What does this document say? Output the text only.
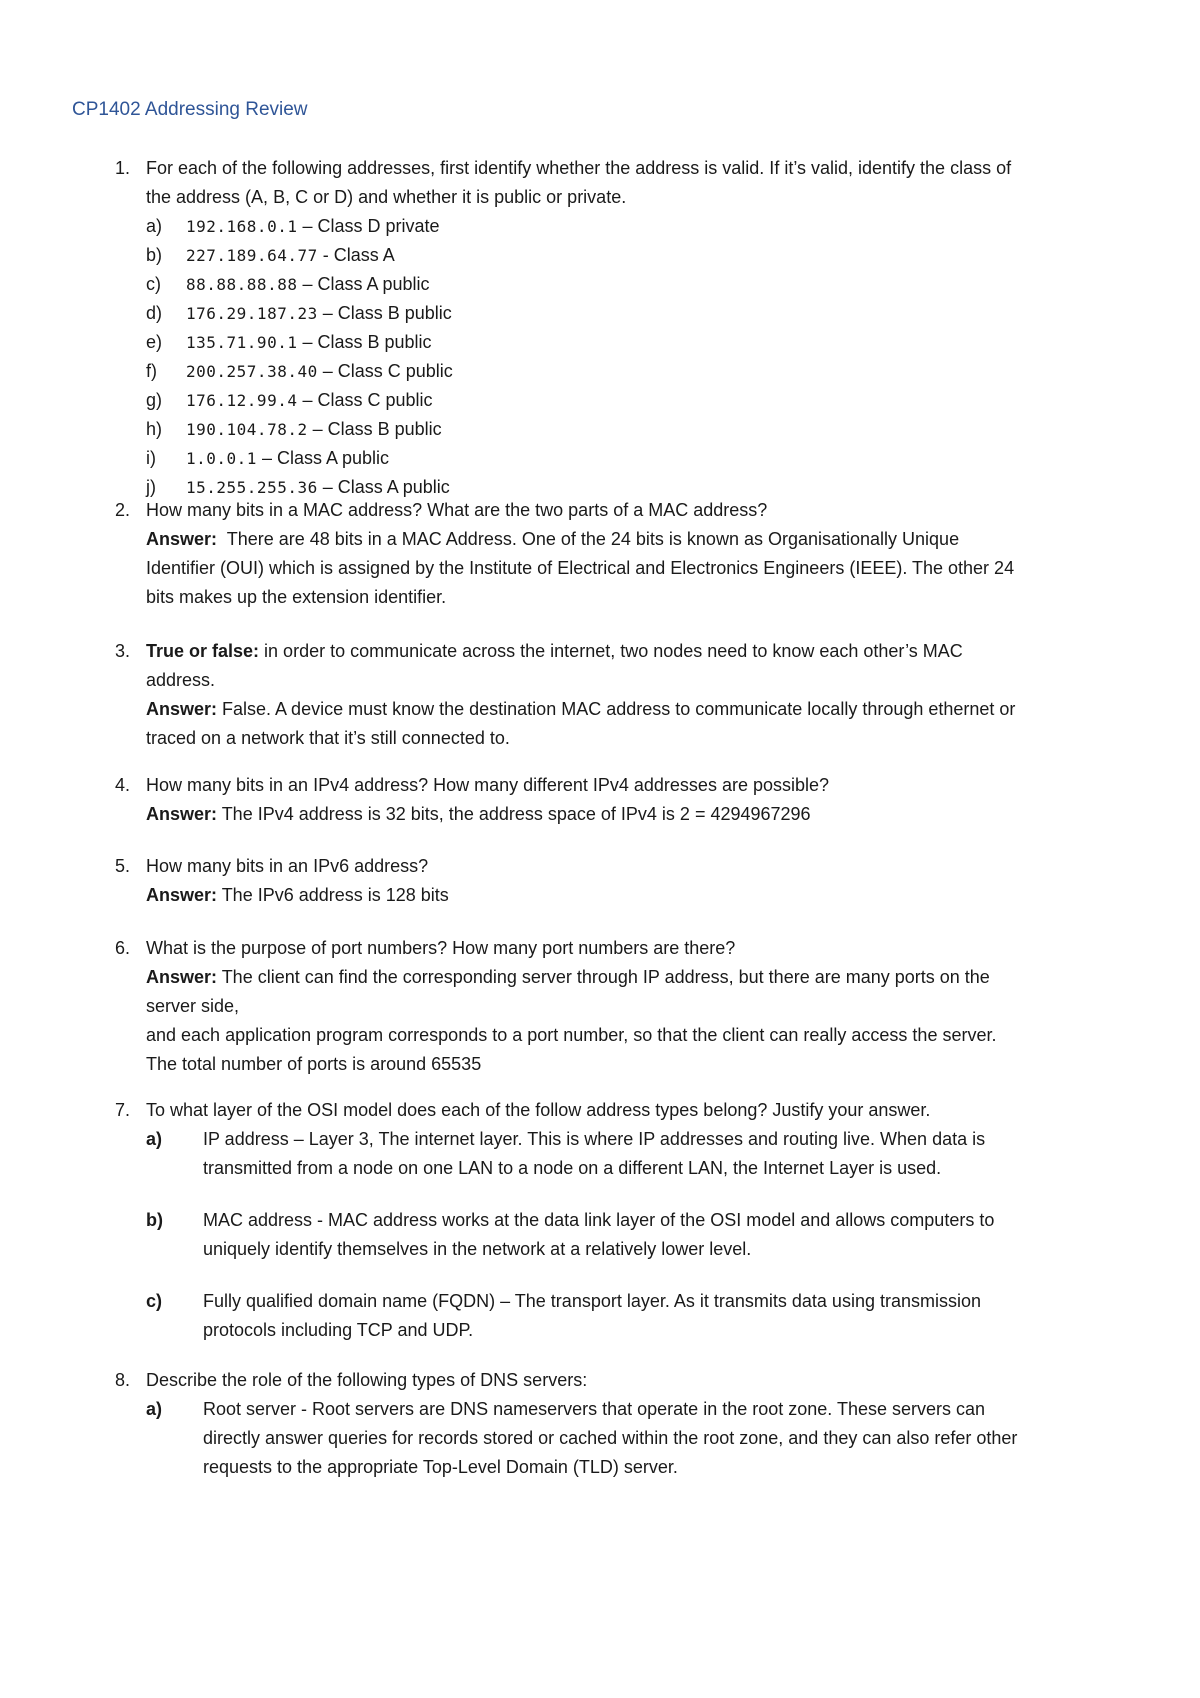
CP1402 Addressing Review
1. For each of the following addresses, first identify whether the address is valid. If it’s valid, identify the class of
the address (A, B, C or D) and whether it is public or private.
a)	192.168.0.1 – Class D private
b)	227.189.64.77 - Class A
c)	88.88.88.88 – Class A public
d)	176.29.187.23 – Class B public
e)	135.71.90.1 – Class B public
f)	200.257.38.40 – Class C public
g)	176.12.99.4 – Class C public
h)	190.104.78.2 – Class B public
i)	1.0.0.1 – Class A public
j)	15.255.255.36 – Class A public
2. How many bits in a MAC address? What are the two parts of a MAC address?
Answer:  There are 48 bits in a MAC Address. One of the 24 bits is known as Organisationally Unique
Identifier (OUI) which is assigned by the Institute of Electrical and Electronics Engineers (IEEE). The other 24
bits makes up the extension identifier.
3. True or false: in order to communicate across the internet, two nodes need to know each other’s MAC
address.
Answer: False. A device must know the destination MAC address to communicate locally through ethernet or
traced on a network that it’s still connected to.
4. How many bits in an IPv4 address? How many different IPv4 addresses are possible?
Answer: The IPv4 address is 32 bits, the address space of IPv4 is 2 = 4294967296
5. How many bits in an IPv6 address?
Answer: The IPv6 address is 128 bits
6. What is the purpose of port numbers? How many port numbers are there?
Answer: The client can find the corresponding server through IP address, but there are many ports on the
server side,
and each application program corresponds to a port number, so that the client can really access the server.
The total number of ports is around 65535
7. To what layer of the OSI model does each of the follow address types belong? Justify your answer.
a)	IP address – Layer 3, The internet layer. This is where IP addresses and routing live. When data is
transmitted from a node on one LAN to a node on a different LAN, the Internet Layer is used.
b)	MAC address - MAC address works at the data link layer of the OSI model and allows computers to
uniquely identify themselves in the network at a relatively lower level.
c)	Fully qualified domain name (FQDN) – The transport layer. As it transmits data using transmission
protocols including TCP and UDP.
8. Describe the role of the following types of DNS servers:
a)	Root server - Root servers are DNS nameservers that operate in the root zone. These servers can
directly answer queries for records stored or cached within the root zone, and they can also refer other
requests to the appropriate Top-Level Domain (TLD) server.
